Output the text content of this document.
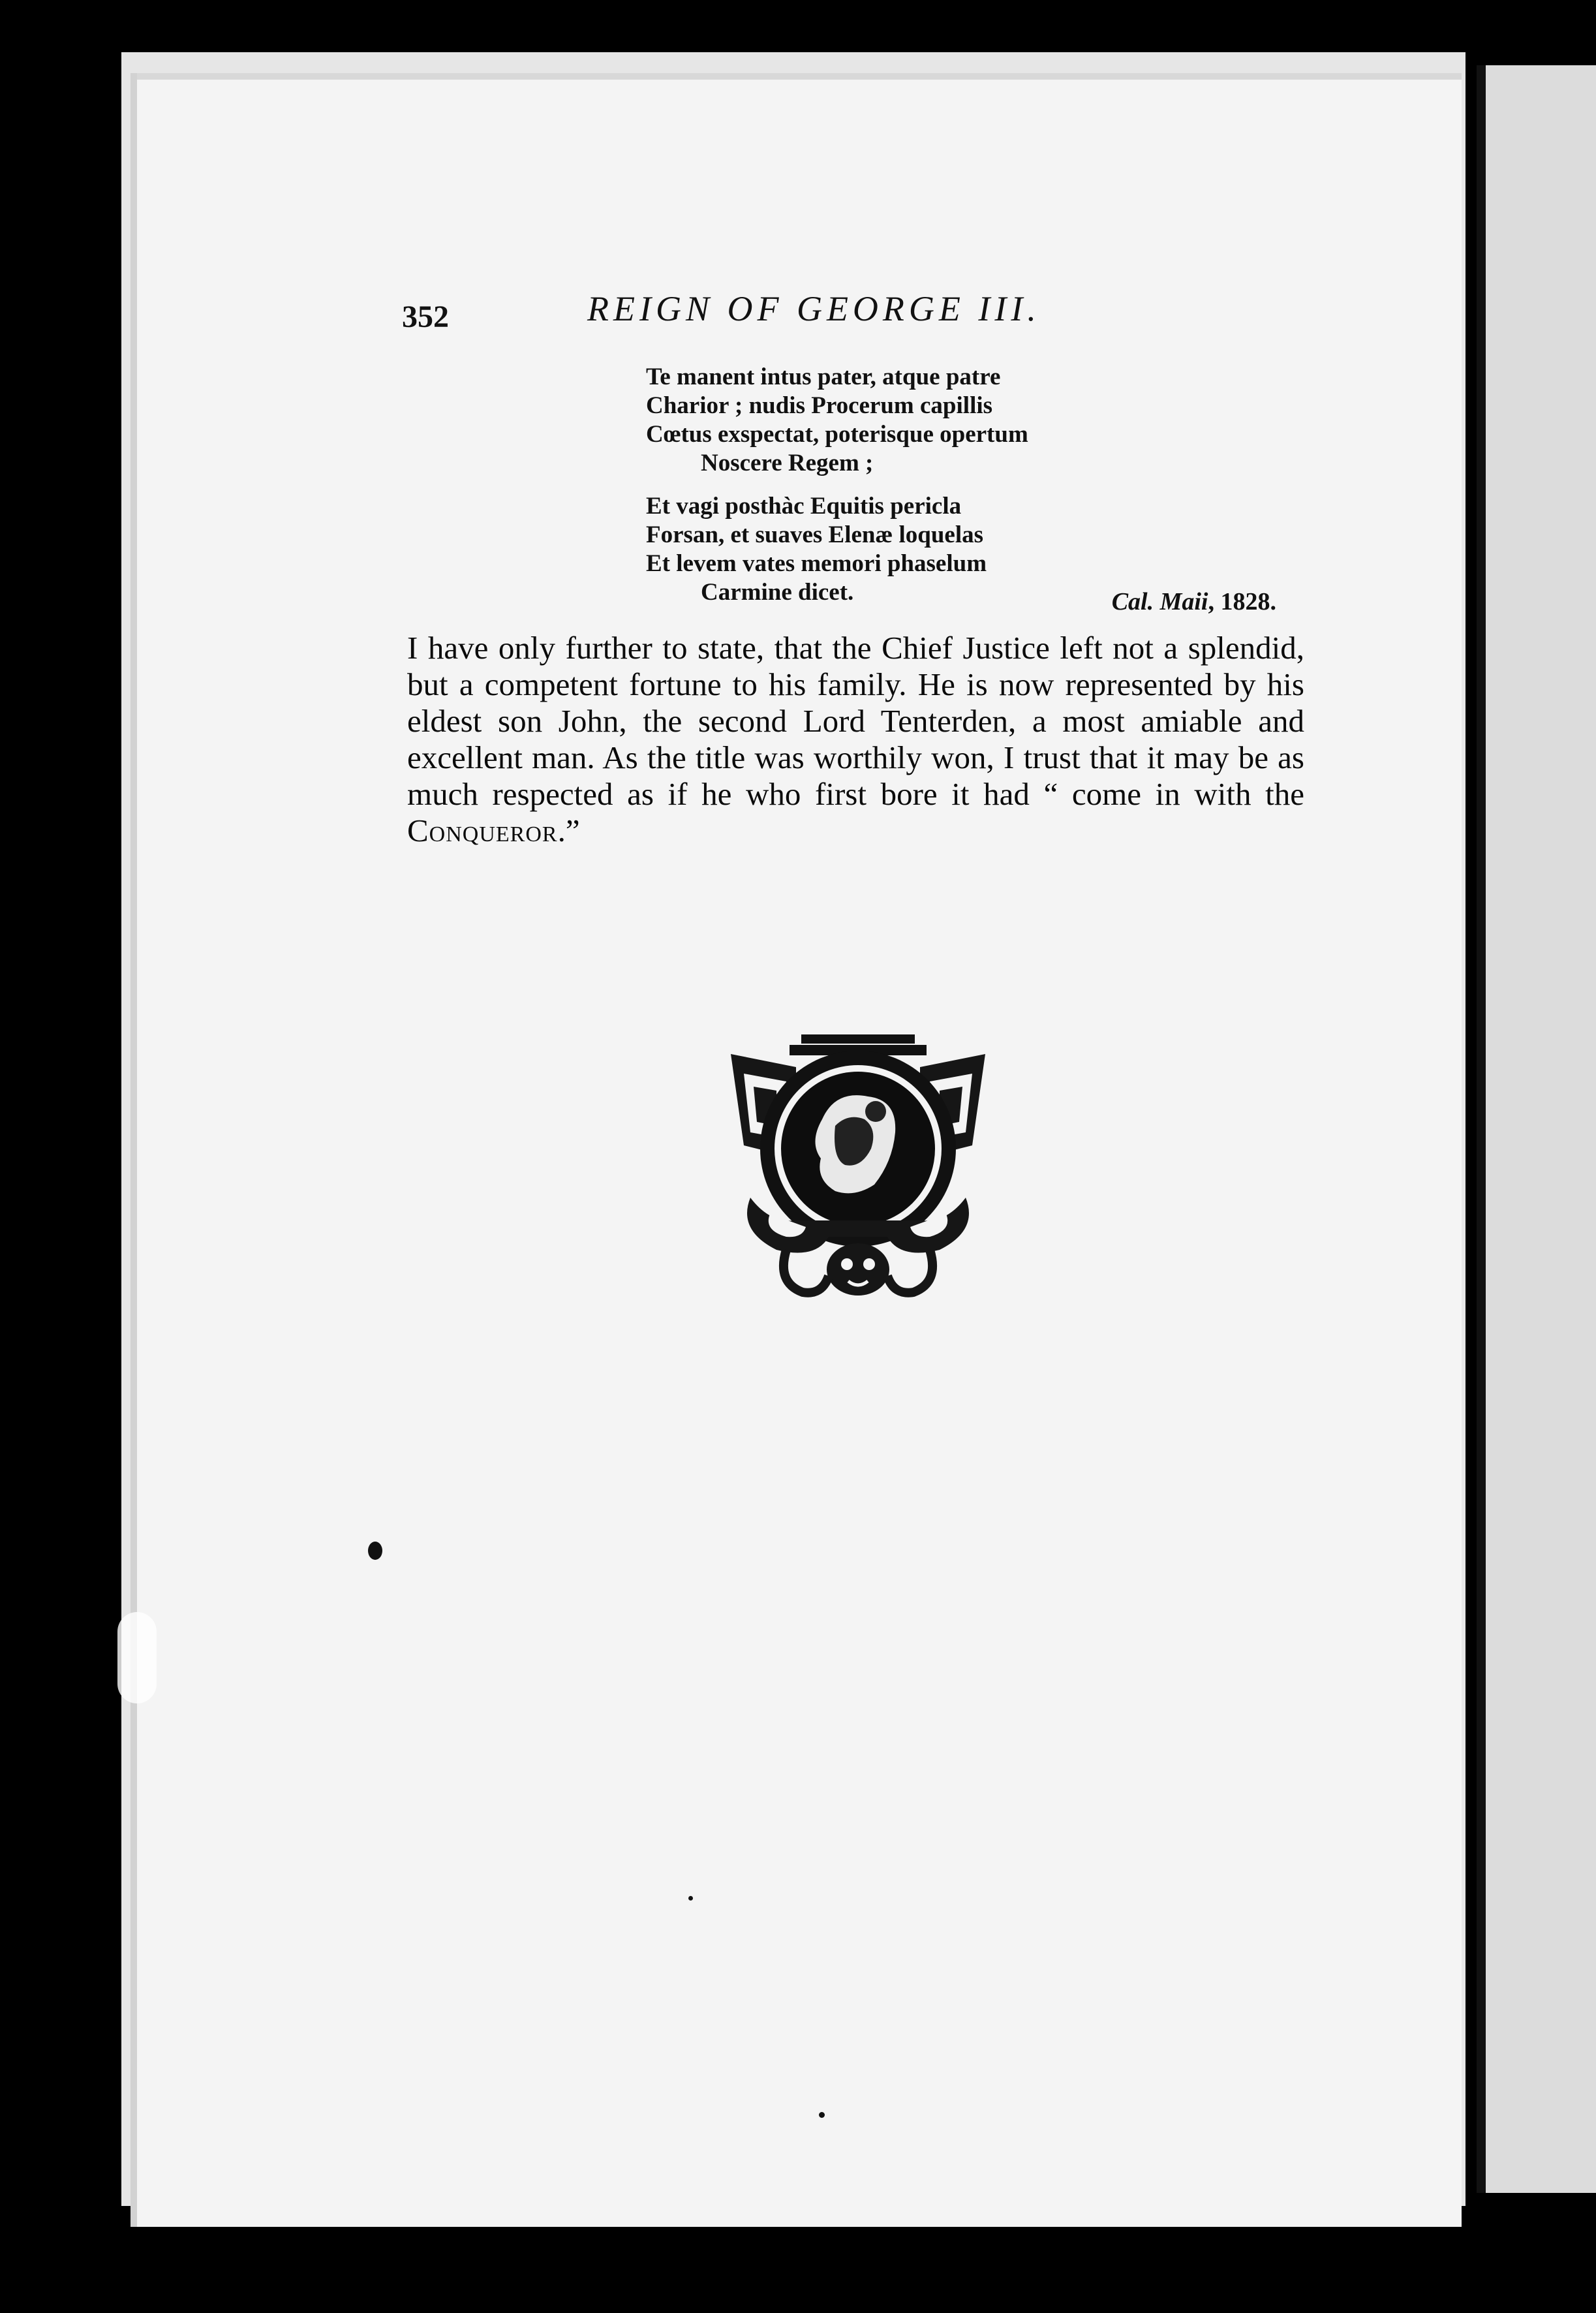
352	REIGN OF GEORGE III.
Te manent intus pater, atque patre
Charior ; nudis Procerum capillis
Cœtus exspectat, poterisque opertum
Noscere Regem ;
Et vagi posthàc Equitis pericla
Forsan, et suaves Elenæ loquelas
Et levem vates memori phaselum
Carmine dicet.	Cal. Maii, 1828.
I have only further to state, that the Chief Justice left not a splendid, but a competent fortune to his family. He is now represented by his eldest son John, the second Lord Tenterden, a most amiable and excellent man. As the title was worthily won, I trust that it may be as much respected as if he who first bore it had “ come in with the Conqueror.”
